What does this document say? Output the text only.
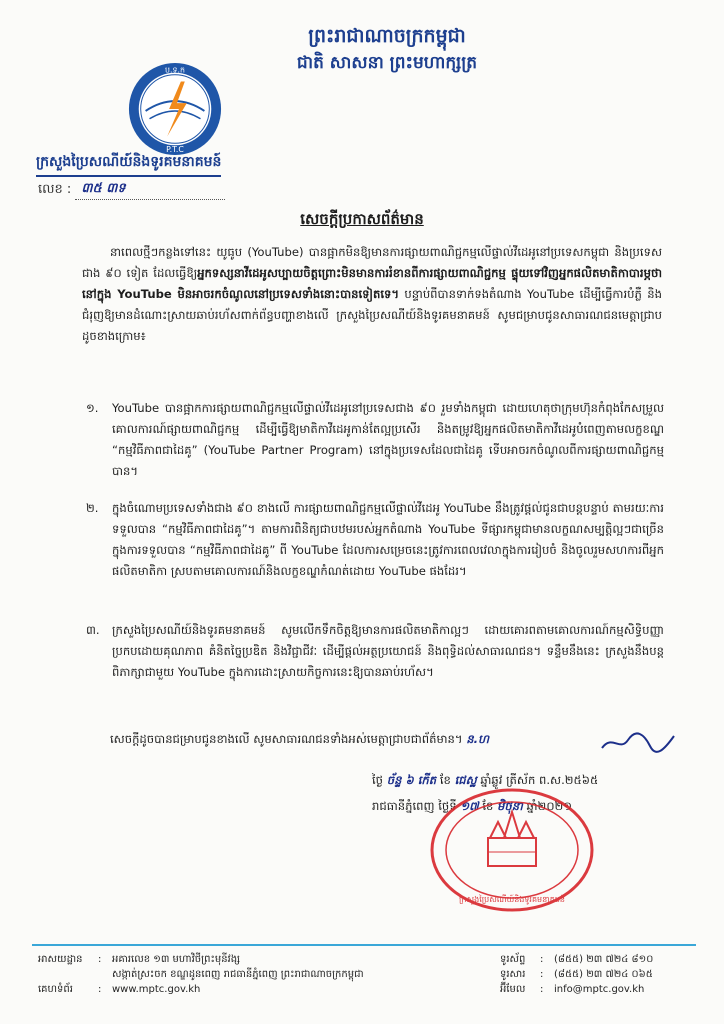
ព្រះរាជាណាចក្រកម្ពុជា
ជាតិ សាសនា ព្រះមហាក្សត្រ
ប.ទ.ក
P.T.C
ក្រសួងប្រៃសណីយ៍និងទូរគមនាគមន៍
លេខ : ៣៥ ៣ទ
សេចក្តីប្រកាសព័ត៌មាន
នាពេលថ្មីៗកន្លងទៅនេះ យូធូប (YouTube) បានផ្អាកមិនឱ្យមានការផ្សាយពាណិជ្ជកម្មលើផ្ទាល់វីដេអូនៅប្រទេសកម្ពុជា និងប្រទេសជាង ៩០ ទៀត ដែលធ្វើឱ្យអ្នកទស្សនាវីដេអូសប្បាយចិត្តព្រោះមិនមានការរំខានពីការផ្សាយពាណិជ្ជកម្ម ផ្ទុយទៅវិញអ្នកផលិតមាតិកាបារម្ភថានៅក្នុង YouTube មិនអាចរកចំណូលនៅប្រទេសទាំងនោះបានទៀតទេ។ បន្ទាប់ពីបានទាក់ទងតំណាង YouTube ដើម្បីធ្វើការបំភ្លឺ និងជំរុញឱ្យមានដំណោះស្រាយឆាប់រហ័សពាក់ព័ន្ធបញ្ហាខាងលើ ក្រសួងប្រៃសណីយ៍និងទូរគមនាគមន៍ សូមជម្រាបជូនសាធារណជនមេត្តាជ្រាបដូចខាងក្រោម៖
១. YouTube បានផ្អាកការផ្សាយពាណិជ្ជកម្មលើផ្ទាល់វីដេអូនៅប្រទេសជាង ៩០ រួមទាំងកម្ពុជា ដោយហេតុថាក្រុមហ៊ុនកំពុងកែសម្រួលគោលការណ៍ផ្សាយពាណិជ្ជកម្ម ដើម្បីធ្វើឱ្យមាតិកាវីដេអូកាន់តែល្អប្រសើរ និងតម្រូវឱ្យអ្នកផលិតមាតិកាវីដេអូបំពេញតាមលក្ខខណ្ឌ “កម្មវិធីភាពជាដៃគូ” (YouTube Partner Program) នៅក្នុងប្រទេសដែលជាដៃគូ ទើបអាចរកចំណូលពីការផ្សាយពាណិជ្ជកម្មបាន។
២. ក្នុងចំណោមប្រទេសទាំងជាង ៩០ ខាងលើ ការផ្សាយពាណិជ្ជកម្មលើផ្ទាល់វីដេអូ YouTube នឹងត្រូវផ្តល់ជូនជាបន្តបន្ទាប់ តាមរយៈការទទួលបាន “កម្មវិធីភាពជាដៃគូ”។ តាមការពិនិត្យជាបឋមរបស់អ្នកតំណាង YouTube ទីផ្សារកម្ពុជាមានលក្ខណសម្បត្តិល្អៗជាច្រើន ក្នុងការទទួលបាន “កម្មវិធីភាពជាដៃគូ” ពី YouTube ដែលការសម្រេចនេះត្រូវការពេលវេលាក្នុងការរៀបចំ និងចូលរួមសហការពីអ្នកផលិតមាតិកា ស្របតាមគោលការណ៍និងលក្ខខណ្ឌកំណត់ដោយ YouTube ផងដែរ។
៣. ក្រសួងប្រៃសណីយ៍និងទូរគមនាគមន៍ សូមលើកទឹកចិត្តឱ្យមានការផលិតមាតិកាល្អៗ ដោយគោរពតាមគោលការណ៍កម្មសិទ្ធិបញ្ញា ប្រកបដោយគុណភាព គំនិតច្នៃប្រឌិត និងវិជ្ជាជីវៈ ដើម្បីផ្តល់អត្ថប្រយោជន៍ និងពុទ្ធិដល់សាធារណជន។ ទន្ទឹមនឹងនេះ ក្រសួងនឹងបន្តពិភាក្សាជាមួយ YouTube ក្នុងការដោះស្រាយកិច្ចការនេះឱ្យបានឆាប់រហ័ស។
សេចក្តីដូចបានជម្រាបជូនខាងលើ សូមសាធារណជនទាំងអស់មេត្តាជ្រាបជាព័ត៌មាន។ ន.ហ
ថ្ងៃ ច័ន្ទ ៦ កើត ខែ ជេស្ឋ ឆ្នាំឆ្លូវ ត្រីស័ក ព.ស.២៥៦៥
រាជធានីភ្នំពេញ ថ្ងៃទី ១៧ ខែ មិថុនា ឆ្នាំ២០២១
ក្រសួងប្រៃសណីយ៍និងទូរគមនាគមន៍
អាសយដ្ឋាន	:	អគារលេខ ១៣ មហាវិថីព្រះមុនីវង្ស
សង្កាត់ស្រះចក ខណ្ឌដូនពេញ រាជធានីភ្នំពេញ ព្រះរាជាណាចក្រកម្ពុជា
គេហទំព័រ	:	www.mptc.gov.kh
ទូរស័ព្ទ	:	(៨៥៥) ២៣ ៧២៤ ៨១០
ទូរសារ	:	(៨៥៥) ២៣ ៧២៤ ០៦៥
អ៊ីមែល	:	info@mptc.gov.kh
